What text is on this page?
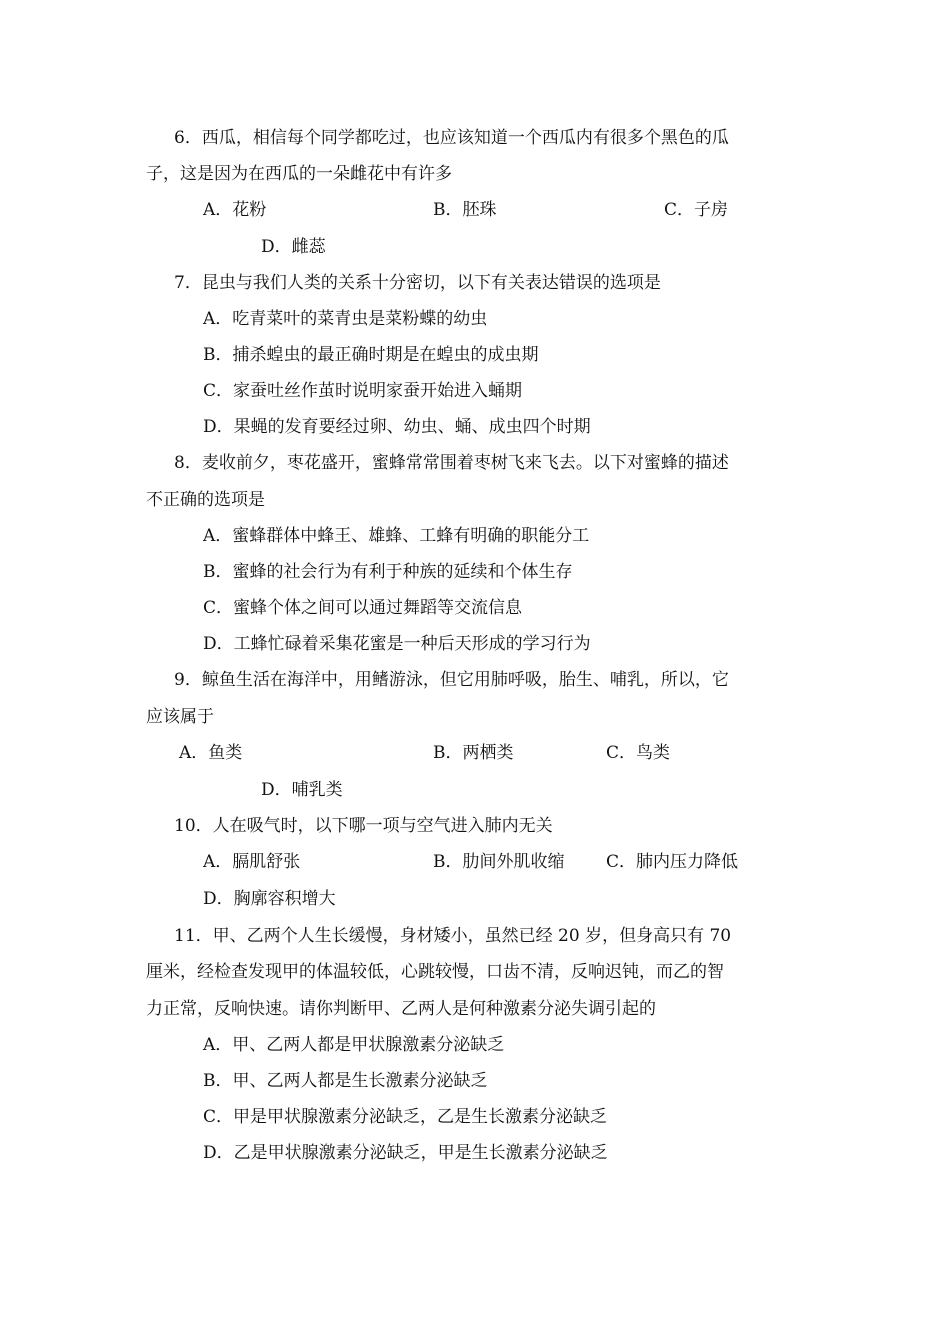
6．西瓜，相信每个同学都吃过，也应该知道一个西瓜内有很多个黑色的瓜
子，这是因为在西瓜的一朵雌花中有许多
A．花粉	B．胚珠	C．子房
D．雌蕊
7．昆虫与我们人类的关系十分密切，以下有关表达错误的选项是
A．吃青菜叶的菜青虫是菜粉蝶的幼虫
B．捕杀蝗虫的最正确时期是在蝗虫的成虫期
C．家蚕吐丝作茧时说明家蚕开始进入蛹期
D．果蝇的发育要经过卵、幼虫、蛹、成虫四个时期
8．麦收前夕，枣花盛开，蜜蜂常常围着枣树飞来飞去。以下对蜜蜂的描述
不正确的选项是
A．蜜蜂群体中蜂王、雄蜂、工蜂有明确的职能分工
B．蜜蜂的社会行为有利于种族的延续和个体生存
C．蜜蜂个体之间可以通过舞蹈等交流信息
D．工蜂忙碌着采集花蜜是一种后天形成的学习行为
9．鲸鱼生活在海洋中，用鳍游泳，但它用肺呼吸，胎生、哺乳，所以，它
应该属于
A．鱼类	B．两栖类	C．鸟类
D．哺乳类
10．人在吸气时，以下哪一项与空气进入肺内无关
A．膈肌舒张	B．肋间外肌收缩 C．肺内压力降低
D．胸廓容积增大
11．甲、乙两个人生长缓慢，身材矮小，虽然已经 20 岁，但身高只有 70
厘米，经检查发现甲的体温较低，心跳较慢，口齿不清，反响迟钝，而乙的智
力正常，反响快速。请你判断甲、乙两人是何种激素分泌失调引起的
A．甲、乙两人都是甲状腺激素分泌缺乏
B．甲、乙两人都是生长激素分泌缺乏
C．甲是甲状腺激素分泌缺乏，乙是生长激素分泌缺乏
D．乙是甲状腺激素分泌缺乏，甲是生长激素分泌缺乏
